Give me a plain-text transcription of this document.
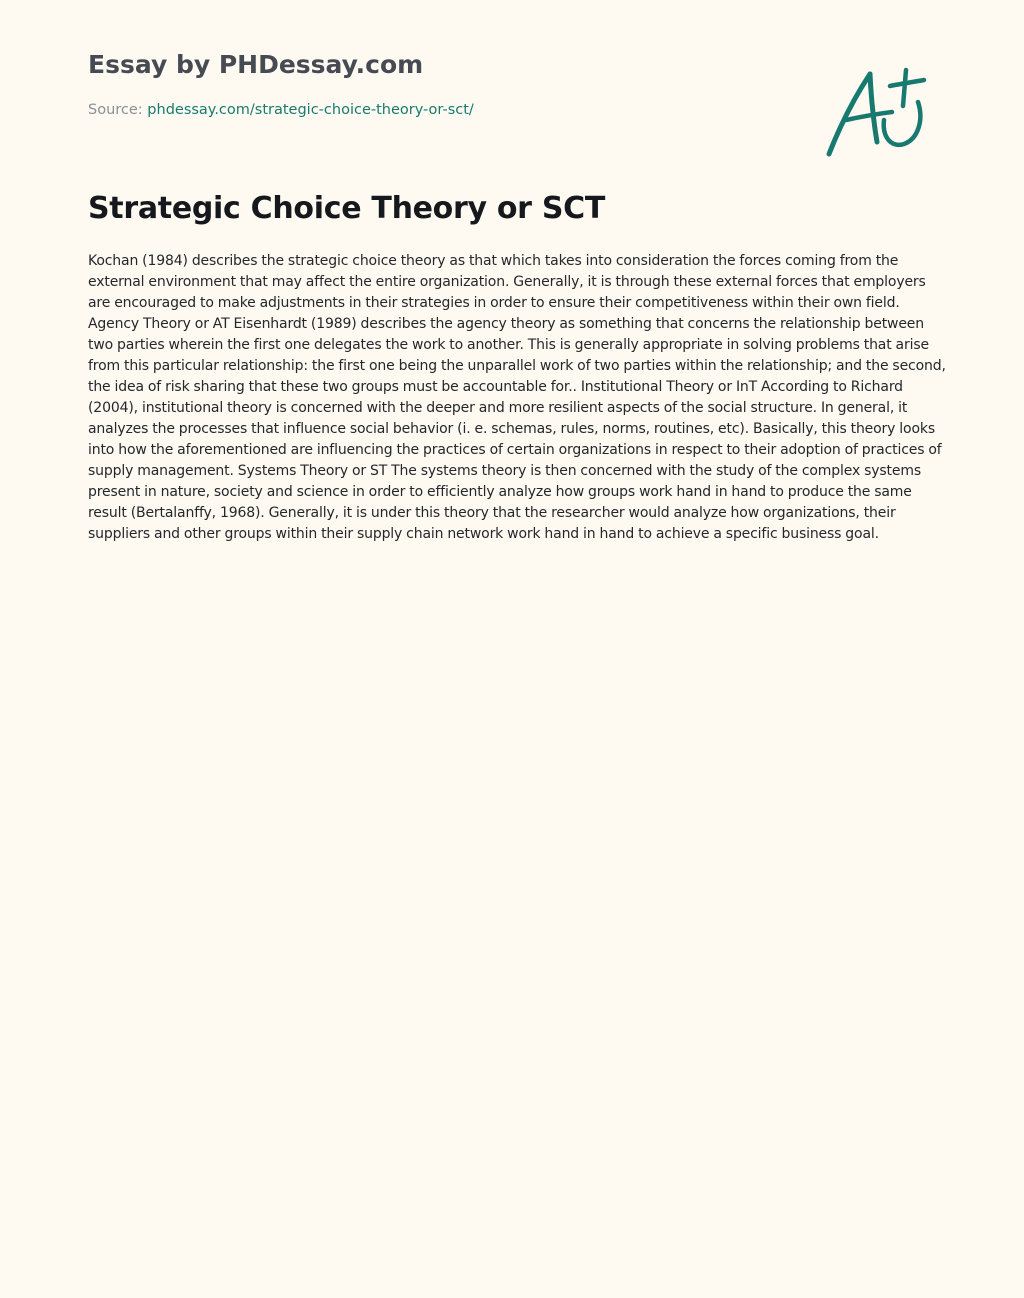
Essay by PHDessay.com

Source: phdessay.com/strategic-choice-theory-or-sct/

Strategic Choice Theory or SCT

Kochan (1984) describes the strategic choice theory as that which takes into consideration the forces coming from the external environment that may affect the entire organization. Generally, it is through these external forces that employers are encouraged to make adjustments in their strategies in order to ensure their competitiveness within their own field. Agency Theory or AT Eisenhardt (1989) describes the agency theory as something that concerns the relationship between two parties wherein the first one delegates the work to another. This is generally appropriate in solving problems that arise from this particular relationship: the first one being the unparallel work of two parties within the relationship; and the second, the idea of risk sharing that these two groups must be accountable for.. Institutional Theory or InT According to Richard (2004), institutional theory is concerned with the deeper and more resilient aspects of the social structure. In general, it analyzes the processes that influence social behavior (i. e. schemas, rules, norms, routines, etc). Basically, this theory looks into how the aforementioned are influencing the practices of certain organizations in respect to their adoption of practices of supply management. Systems Theory or ST The systems theory is then concerned with the study of the complex systems present in nature, society and science in order to efficiently analyze how groups work hand in hand to produce the same result (Bertalanffy, 1968). Generally, it is under this theory that the researcher would analyze how organizations, their suppliers and other groups within their supply chain network work hand in hand to achieve a specific business goal.
